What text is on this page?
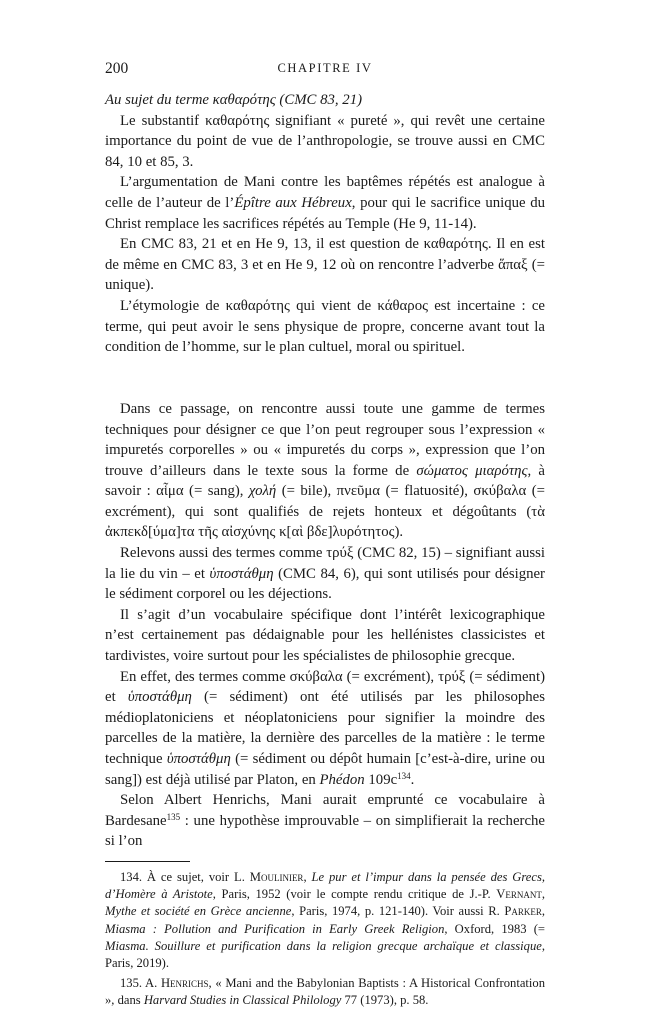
200	CHAPITRE IV

Au sujet du terme καθαρότης (CMC 83, 21)

Le substantif καθαρότης signifiant « pureté », qui revêt une certaine importance du point de vue de l’anthropologie, se trouve aussi en CMC 84, 10 et 85, 3.

L’argumentation de Mani contre les baptêmes répétés est analogue à celle de l’auteur de l’Épître aux Hébreux, pour qui le sacrifice unique du Christ remplace les sacrifices répétés au Temple (He 9, 11-14).

En CMC 83, 21 et en He 9, 13, il est question de καθαρότης. Il en est de même en CMC 83, 3 et en He 9, 12 où on rencontre l’adverbe ἅπαξ (= unique).

L’étymologie de καθαρότης qui vient de κάθαρος est incertaine : ce terme, qui peut avoir le sens physique de propre, concerne avant tout la condition de l’homme, sur le plan cultuel, moral ou spirituel.

Dans ce passage, on rencontre aussi toute une gamme de termes techniques pour désigner ce que l’on peut regrouper sous l’expression « impuretés corporelles » ou « impuretés du corps », expression que l’on trouve d’ailleurs dans le texte sous la forme de σώματος μιαρότης, à savoir : αἷμα (= sang), χολή (= bile), πνεῦμα (= flatuosité), σκύβαλα (= excrément), qui sont qualifiés de rejets honteux et dégoûtants (τὰ ἀκπεκδ[ύμα]τα τῆς αἰσχύνης κ[αὶ βδε]λυρότητος).

Relevons aussi des termes comme τρύξ (CMC 82, 15) – signifiant aussi la lie du vin – et ὑποστάθμη (CMC 84, 6), qui sont utilisés pour désigner le sédiment corporel ou les déjections.

Il s’agit d’un vocabulaire spécifique dont l’intérêt lexicographique n’est certainement pas dédaignable pour les hellénistes classicistes et tardivistes, voire surtout pour les spécialistes de philosophie grecque.

En effet, des termes comme σκύβαλα (= excrément), τρύξ (= sédiment) et ὑποστάθμη (= sédiment) ont été utilisés par les philosophes médioplatoniciens et néoplatoniciens pour signifier la moindre des parcelles de la matière, la dernière des parcelles de la matière : le terme technique ὑποστάθμη (= sédiment ou dépôt humain [c’est-à-dire, urine ou sang]) est déjà utilisé par Platon, en Phédon $109c^{134}$.

Selon Albert Henrichs, Mani aurait emprunté ce vocabulaire à Bardesane$^{135}$ : une hypothèse improuvable – on simplifierait la recherche si l’on

134. À ce sujet, voir L. Moulinier, Le pur et l’impur dans la pensée des Grecs, d’Homère à Aristote, Paris, 1952 (voir le compte rendu critique de J.-P. Vernant, Mythe et société en Grèce ancienne, Paris, 1974, p. 121-140). Voir aussi R. Parker, Miasma : Pollution and Purification in Early Greek Religion, Oxford, 1983 (= Miasma. Souillure et purification dans la religion grecque archaïque et classique, Paris, 2019).

135. A. Henrichs, « Mani and the Babylonian Baptists : A Historical Confrontation », dans Harvard Studies in Classical Philology 77 (1973), p. 58.
